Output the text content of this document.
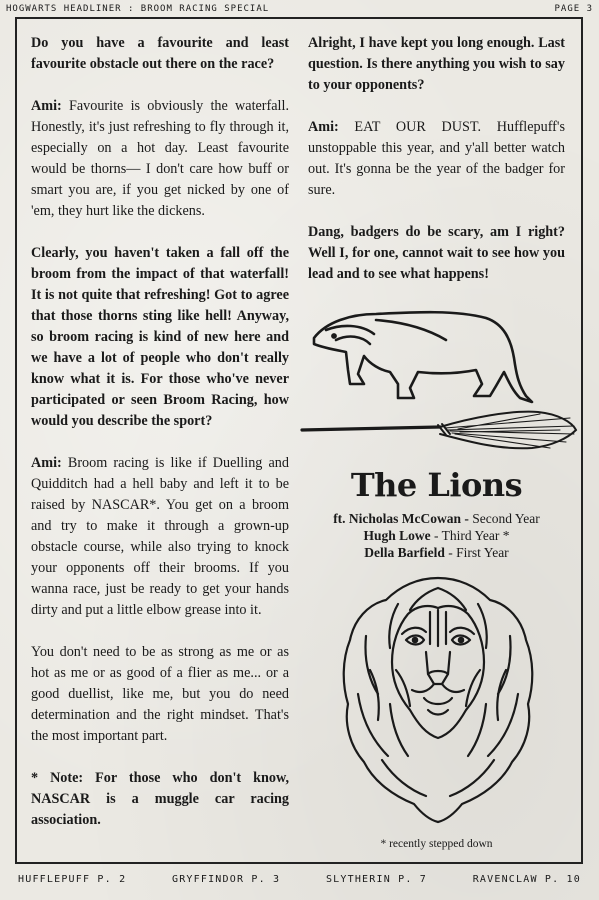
HOGWARTS HEADLINER : BROOM RACING SPECIAL	PAGE 3

Do you have a favourite and least favourite obstacle out there on the race?

Ami: Favourite is obviously the waterfall. Honestly, it's just refreshing to fly through it, especially on a hot day. Least favourite would be thorns— I don't care how buff or smart you are, if you get nicked by one of 'em, they hurt like the dickens.

Clearly, you haven't taken a fall off the broom from the impact of that waterfall! It is not quite that refreshing! Got to agree that those thorns sting like hell! Anyway, so broom racing is kind of new here and we have a lot of people who don't really know what it is. For those who've never participated or seen Broom Racing, how would you describe the sport?

Ami: Broom racing is like if Duelling and Quidditch had a hell baby and left it to be raised by NASCAR*. You get on a broom and try to make it through a grown-up obstacle course, while also trying to knock your opponents off their brooms. If you wanna race, just be ready to get your hands dirty and put a little elbow grease into it.

You don't need to be as strong as me or as hot as me or as good of a flier as me... or a good duellist, like me, but you do need determination and the right mindset. That's the most important part.

* Note: For those who don't know, NASCAR is a muggle car racing association.

Alright, I have kept you long enough. Last question. Is there anything you wish to say to your opponents?

Ami: EAT OUR DUST. Hufflepuff's unstoppable this year, and y'all better watch out. It's gonna be the year of the badger for sure.

Dang, badgers do be scary, am I right? Well I, for one, cannot wait to see how you lead and to see what happens!

The Lions
ft. Nicholas McCowan - Second Year
Hugh Lowe - Third Year *
Della Barfield - First Year
* recently stepped down
HUFFLEPUFF P. 2	GRYFFINDOR P. 3	SLYTHERIN P. 7	RAVENCLAW P. 10
